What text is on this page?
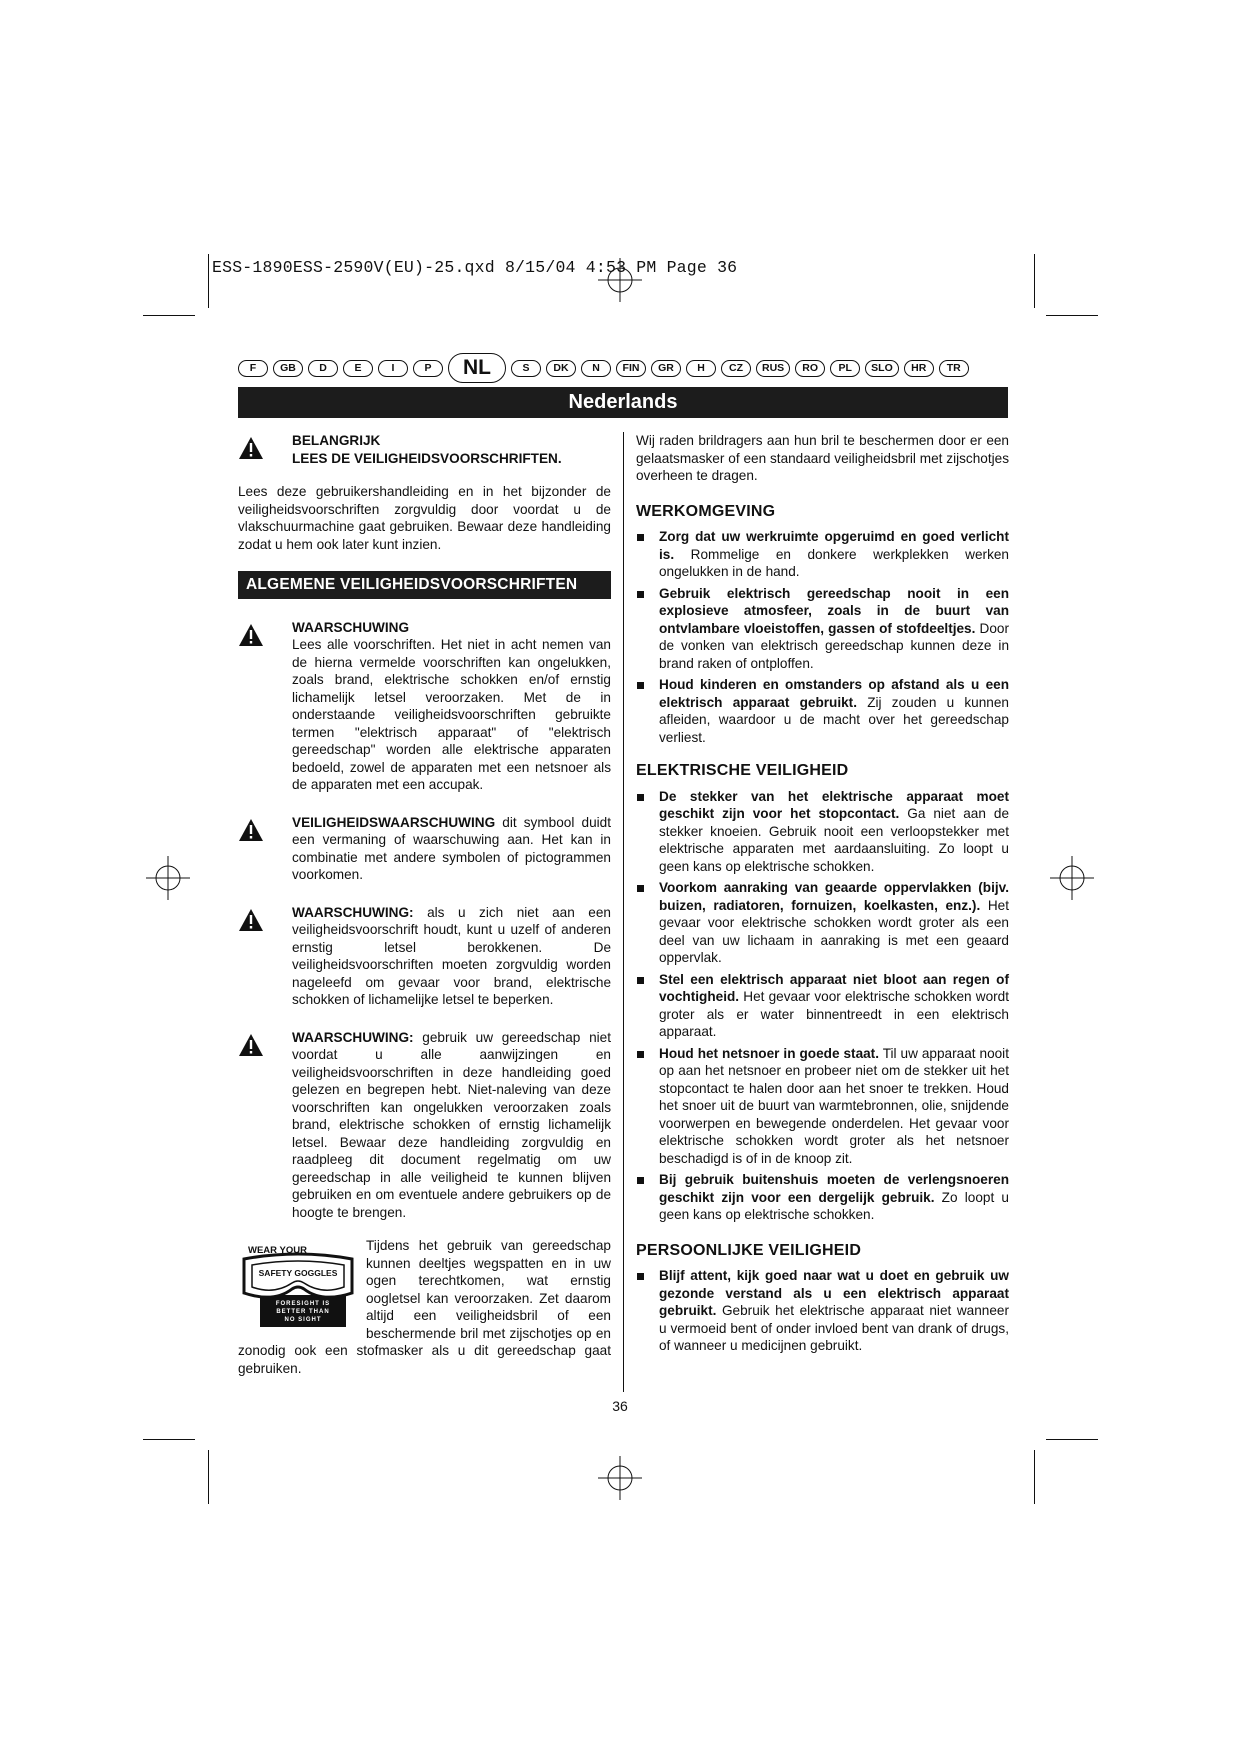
ESS-1890ESS-2590V(EU)-25.qxd 8/15/04 4:53 PM Page 36
F	GB	D	E	I	P	NL	S	DK	N	FIN	GR	H	CZ	RUS	RO	PL	SLO	HR	TR
Nederlands

BELANGRIJK

LEES DE VEILIGHEIDSVOORSCHRIFTEN.

Lees deze gebruikershandleiding en in het bijzonder de veiligheidsvoorschriften zorgvuldig door voordat u de vlakschuurmachine gaat gebruiken. Bewaar deze handleiding zodat u hem ook later kunt inzien.

ALGEMENE VEILIGHEIDSVOORSCHRIFTEN

WAARSCHUWING

Lees alle voorschriften. Het niet in acht nemen van de hierna vermelde voorschriften kan ongelukken, zoals brand, elektrische schokken en/of ernstig lichamelijk letsel veroorzaken. Met de in onderstaande veiligheidsvoorschriften gebruikte termen "elektrisch apparaat" of "elektrisch gereedschap" worden alle elektrische apparaten bedoeld, zowel de apparaten met een netsnoer als de apparaten met een accupak.

VEILIGHEIDSWAARSCHUWING dit symbool duidt een vermaning of waarschuwing aan. Het kan in combinatie met andere symbolen of pictogrammen voorkomen.

WAARSCHUWING: als u zich niet aan een veiligheidsvoorschrift houdt, kunt u uzelf of anderen ernstig letsel berokkenen. De veiligheidsvoorschriften moeten zorgvuldig worden nageleefd om gevaar voor brand, elektrische schokken of lichamelijke letsel te beperken.

WAARSCHUWING: gebruik uw gereedschap niet voordat u alle aanwijzingen en veiligheidsvoorschriften in deze handleiding goed gelezen en begrepen hebt. Niet-naleving van deze voorschriften kan ongelukken veroorzaken zoals brand, elektrische schokken of ernstig lichamelijk letsel. Bewaar deze handleiding zorgvuldig en raadpleeg dit document regelmatig om uw gereedschap in alle veiligheid te kunnen blijven gebruiken en om eventuele andere gebruikers op de hoogte te brengen.

WEAR YOUR
SAFETY GOGGLES
FORESIGHT IS
BETTER THAN
NO SIGHT

Tijdens het gebruik van gereedschap kunnen deeltjes wegspatten en in uw ogen terechtkomen, wat ernstig oogletsel kan veroorzaken. Zet daarom altijd een veiligheidsbril of een beschermende bril met zijschotjes op en zonodig ook een stofmasker als u dit gereedschap gaat gebruiken.

Wij raden brildragers aan hun bril te beschermen door er een gelaatsmasker of een standaard veiligheidsbril met zijschotjes overheen te dragen.

WERKOMGEVING
Zorg dat uw werkruimte opgeruimd en goed verlicht is. Rommelige en donkere werkplekken werken ongelukken in de hand.
Gebruik elektrisch gereedschap nooit in een explosieve atmosfeer, zoals in de buurt van ontvlambare vloeistoffen, gassen of stofdeeltjes. Door de vonken van elektrisch gereedschap kunnen deze in brand raken of ontploffen.
Houd kinderen en omstanders op afstand als u een elektrisch apparaat gebruikt. Zij zouden u kunnen afleiden, waardoor u de macht over het gereedschap verliest.
ELEKTRISCHE VEILIGHEID
De stekker van het elektrische apparaat moet geschikt zijn voor het stopcontact. Ga niet aan de stekker knoeien. Gebruik nooit een verloopstekker met elektrische apparaten met aardaansluiting. Zo loopt u geen kans op elektrische schokken.
Voorkom aanraking van geaarde oppervlakken (bijv. buizen, radiatoren, fornuizen, koelkasten, enz.). Het gevaar voor elektrische schokken wordt groter als een deel van uw lichaam in aanraking is met een geaard oppervlak.
Stel een elektrisch apparaat niet bloot aan regen of vochtigheid. Het gevaar voor elektrische schokken wordt groter als er water binnentreedt in een elektrisch apparaat.
Houd het netsnoer in goede staat. Til uw apparaat nooit op aan het netsnoer en probeer niet om de stekker uit het stopcontact te halen door aan het snoer te trekken. Houd het snoer uit de buurt van warmtebronnen, olie, snijdende voorwerpen en bewegende onderdelen. Het gevaar voor elektrische schokken wordt groter als het netsnoer beschadigd is of in de knoop zit.
Bij gebruik buitenshuis moeten de verlengsnoeren geschikt zijn voor een dergelijk gebruik. Zo loopt u geen kans op elektrische schokken.
PERSOONLIJKE VEILIGHEID
Blijf attent, kijk goed naar wat u doet en gebruik uw gezonde verstand als u een elektrisch apparaat gebruikt. Gebruik het elektrische apparaat niet wanneer u vermoeid bent of onder invloed bent van drank of drugs, of wanneer u medicijnen gebruikt.
36
